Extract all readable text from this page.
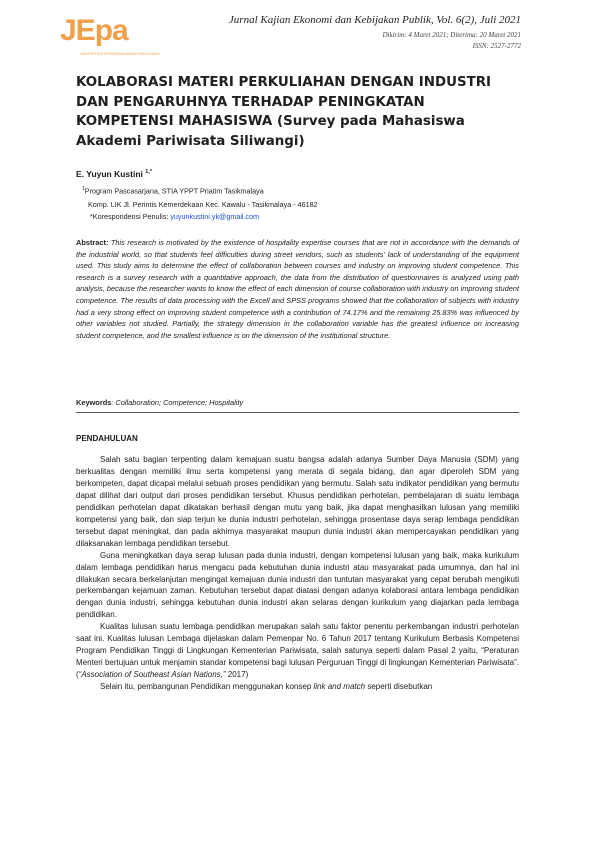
JEpa
UNIVERSITAS PERBENDAHARAAN PANCA BUDI
Jurnal Kajian Ekonomi dan Kebijakan Publik, Vol. 6(2), Juli 2021
Dikirim: 4 Maret 2021; Diterima: 20 Maret 2021
ISSN: 2527-2772
KOLABORASI MATERI PERKULIAHAN DENGAN INDUSTRI DAN PENGARUHNYA TERHADAP PENINGKATAN KOMPETENSI MAHASISWA (Survey pada Mahasiswa Akademi Pariwisata Siliwangi)
E. Yuyun Kustini $^{1,*}$
$^1$Program Pascasarjana, STIA YPPT Priatim Tasikmalaya
Komp. LIK Jl. Perintis Kemerdekaan Kec. Kawalu - Tasikmalaya - 46182
*Korespondensi Penulis: yuyunkustini.yk@gmail.com

Abstract: This research is motivated by the existence of hospitality expertise courses that are not in accordance with the demands of the industrial world, so that students feel difficulties during street vendors, such as students' lack of understanding of the equipment used. This study aims to determine the effect of collaboration between courses and industry on improving student competence. This research is a survey research with a quantitative approach, the data from the distribution of questionnaires is analyzed using path analysis, because the researcher wants to know the effect of each dimension of course collaboration with industry on improving student competence. The results of data processing with the Excell and SPSS programs showed that the collaboration of subjects with industry had a very strong effect on improving student competence with a contribution of 74.17% and the remaining 25.83% was influenced by other variables not studied. Partially, the strategy dimension in the collaboration variable has the greatest influence on increasing student competence, and the smallest influence is on the dimension of the institutional structure.

Keywords: Collaboration; Competence; Hospitality
PENDAHULUAN

Salah satu bagian terpenting dalam kemajuan suatu bangsa adalah adanya Sumber Daya Manusia (SDM) yang berkualitas dengan memiliki ilmu serta kompetensi yang merata di segala bidang, dan agar diperoleh SDM yang berkompeten, dapat dicapai melalui sebuah proses pendidikan yang bermutu. Salah satu indikator pendidikan yang bermutu dapat dilihat dari output dari proses pendidikan tersebut. Khusus pendidikan perhotelan, pembelajaran di suatu lembaga pendidikan perhotelan dapat dikatakan berhasil dengan mutu yang baik, jika dapat menghasilkan lulusan yang memiliki kompetensi yang baik, dan siap terjun ke dunia industri perhotelan, sehingga prosentase daya serap lembaga pendidikan tersebut dapat meningkat, dan pada akhirnya masyarakat maupun dunia industri akan mempercayakan pendidikan yang dilaksanakan lembaga pendidikan tersebut.

Guna meningkatkan daya serap lulusan pada dunia industri, dengan kompetensi lulusan yang baik, maka kurikulum dalam lembaga pendidikan harus mengacu pada kebutuhan dunia industri atau masyarakat pada umumnya, dan hal ini dilakukan secara berkelanjutan mengingat kemajuan dunia industri dan tuntutan masyarakat yang cepat berubah mengikuti perkembangan kejamuan zaman. Kebutuhan tersebut dapat diatasi dengan adanya kolaborasi antara lembaga pendidikan dengan dunia industri, sehingga kebutuhan dunia industri akan selaras dengan kurikulum yang diajarkan pada lembaga pendidikan.

Kualitas lulusan suatu lembaga pendidikan merupakan salah satu faktor penentu perkembangan industri perhotelan saat ini. Kualitas lulusan Lembaga dijelaskan dalam Pemenpar No. 6 Tahun 2017 tentang Kurikulum Berbasis Kompetensi Program Pendidikan Tinggi di Lingkungan Kementerian Pariwisata, salah satunya seperti dalam Pasal 2 yaitu, “Peraturan Menteri bertujuan untuk menjamin standar kompetensi bagi lulusan Perguruan Tinggi di lingkungan Kementerian Pariwisata”. (“Association of Southeast Asian Nations,” 2017)

Selain itu, pembangunan Pendidikan menggunakan konsep link and match seperti disebutkan
